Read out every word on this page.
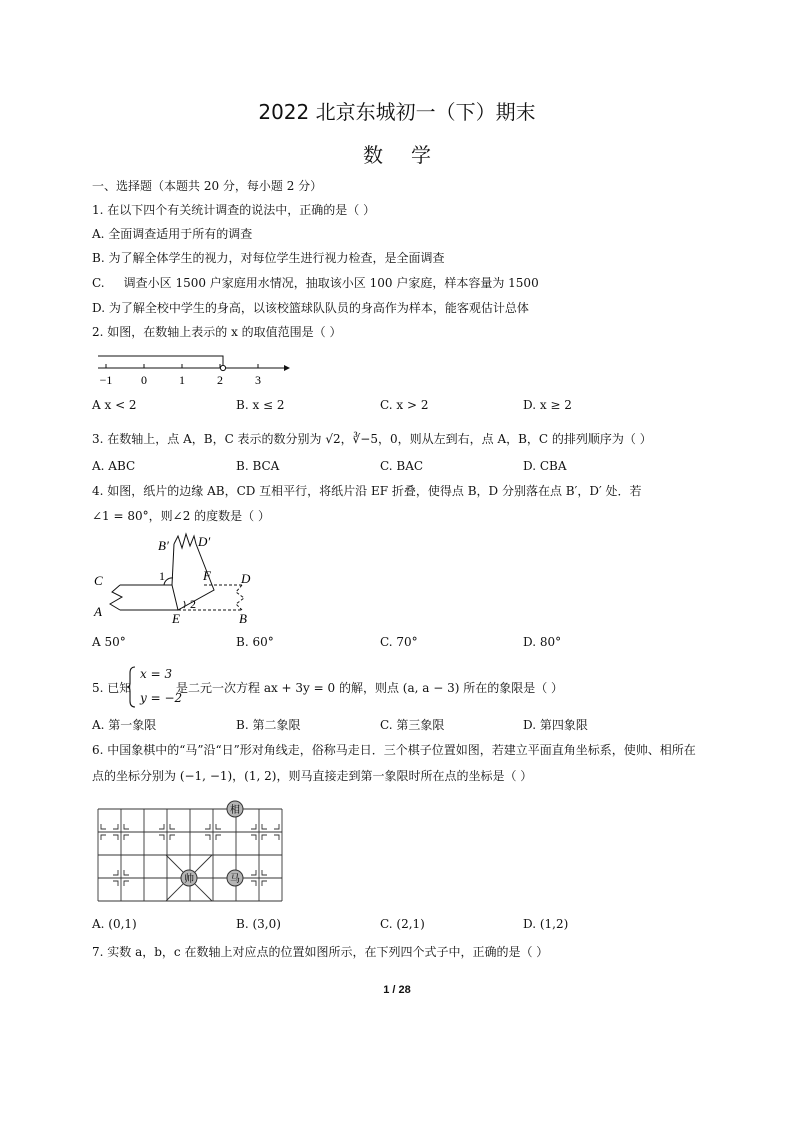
2022 北京东城初一（下）期末
数学
一、选择题（本题共 20 分，每小题 2 分）
1. 在以下四个有关统计调查的说法中，正确的是（ ）
A. 全面调查适用于所有的调查
B. 为了解全体学生的视力，对每位学生进行视力检查，是全面调查
C.     调查小区 1500 户家庭用水情况，抽取该小区 100 户家庭，样本容量为 1500
D. 为了解全校中学生的身高，以该校篮球队队员的身高作为样本，能客观估计总体
2. 如图，在数轴上表示的 x 的取值范围是（ ）
−1 0	1	2	3
A x < 2	B. x ≤ 2	C. x > 2	D. x ≥ 2
3. 在数轴上，点 A，B，C 表示的数分别为 √2，∛−5，0，则从左到右，点 A，B，C 的排列顺序为（ ）
A. ABC	B. BCA	C. BAC	D. CBA
4. 如图，纸片的边缘 AB，CD 互相平行，将纸片沿 EF 折叠，使得点 B，D 分别落在点 B′，D′ 处．若
∠1 = 80°，则∠2 的度数是（ ）
B′ D′
C	1	F D
A	E
2
B
A 50°	B. 60°	C. 70°	D. 80°
5. 已知
x = 3
y = −2
是二元一次方程 ax + 3y = 0 的解，则点 (a, a − 3) 所在的象限是（ ）
A. 第一象限	B. 第二象限	C. 第三象限	D. 第四象限
6. 中国象棋中的“马”沿“日”形对角线走，俗称马走日．三个棋子位置如图，若建立平面直角坐标系，使帅、相所在
点的坐标分别为 (−1, −1)，(1, 2)，则马直接走到第一象限时所在点的坐标是（ ）
相
帅	马
A. (0,1)	B. (3,0)	C. (2,1)	D. (1,2)
7. 实数 a，b，c 在数轴上对应点的位置如图所示，在下列四个式子中，正确的是（ ）
1 / 28
